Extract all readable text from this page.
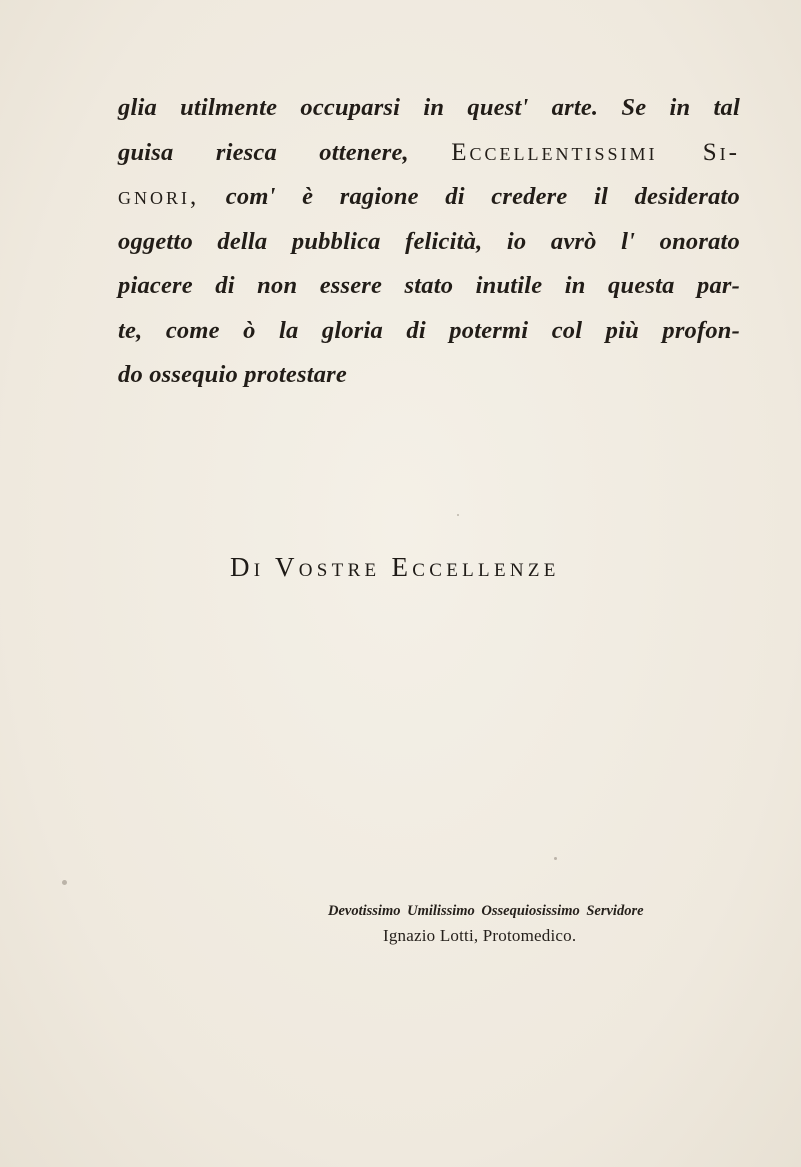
glia utilmente occuparsi in quest' arte. Se in tal
guisa riesca ottenere, Eccellentissimi Si-
gnori, com' è ragione di credere il desiderato
oggetto della pubblica felicità, io avrò l' onorato
piacere di non essere stato inutile in questa par-
te, come ò la gloria di potermi col più profon-
do ossequio protestare
Di Vostre Eccellenze
Devotissimo Umilissimo Ossequiosissimo Servidore
Ignazio Lotti, Protomedico.
